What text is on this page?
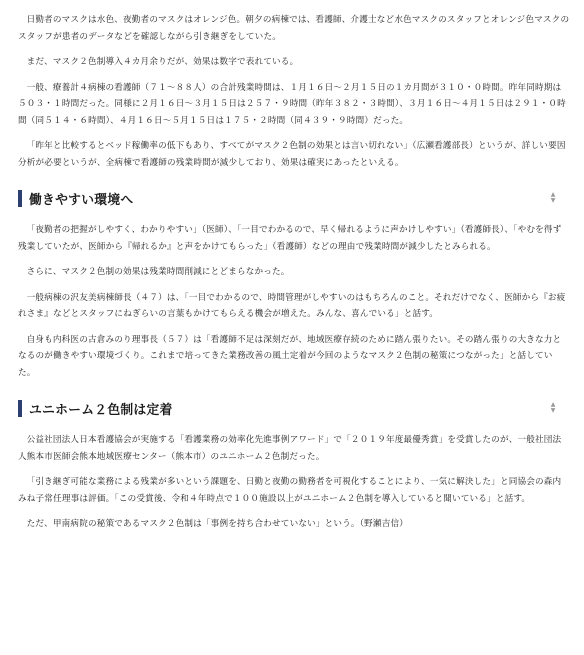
日勤者のマスクは水色、夜勤者のマスクはオレンジ色。朝夕の病棟では、看護師、介護士など水色マスクのスタッフとオレンジ色マスクのスタッフが患者のデータなどを確認しながら引き継ぎをしていた。

まだ、マスク２色制導入４カ月余りだが、効果は数字で表れている。

一般、療養計４病棟の看護師（７１〜８８人）の合計残業時間は、１月１６日〜２月１５日の１カ月間が３１０・０時間。昨年同時期は５０３・１時間だった。同様に２月１６日〜３月１５日は２５７・９時間（昨年３８２・３時間）、３月１６日〜４月１５日は２９１・０時間（同５１４・６時間）、４月１６日〜５月１５日は１７５・２時間（同４３９・９時間）だった。

「昨年と比較するとベッド稼働率の低下もあり、すべてがマスク２色制の効果とは言い切れない」（広瀬看護部長）というが、詳しい要因分析が必要というが、全病棟で看護師の残業時間が減少しており、効果は確実にあったといえる。

働きやすい環境へ	▲
▼

「夜勤者の把握がしやすく、わかりやすい」（医師）、「一目でわかるので、早く帰れるように声かけしやすい」（看護師長）、「やむを得ず残業していたが、医師から『帰れるか』と声をかけてもらった」（看護師）などの理由で残業時間が減少したとみられる。

さらに、マスク２色制の効果は残業時間削減にとどまらなかった。

一般病棟の沢友美病棟師長（４７）は、「一目でわかるので、時間管理がしやすいのはもちろんのこと。それだけでなく、医師から『お疲れさま』などとスタッフにねぎらいの言葉もかけてもらえる機会が増えた。みんな、喜んでいる」と話す。

自身も内科医の古倉みのり理事長（５７）は「看護師不足は深刻だが、地域医療存続のために踏ん張りたい。その踏ん張りの大きな力となるのが働きやすい環境づくり。これまで培ってきた業務改善の風土定着が今回のようなマスク２色制の秘策につながった」と話していた。

ユニホーム２色制は定着	▲
▼

公益社団法人日本看護協会が実施する「看護業務の効率化先進事例アワード」で「２０１９年度最優秀賞」を受賞したのが、一般社団法人熊本市医師会熊本地域医療センター（熊本市）のユニホーム２色制だった。

「引き継ぎ可能な業務による残業が多いという課題を、日勤と夜勤の勤務者を可視化することにより、一気に解決した」と同協会の森内みね子常任理事は評価。「この受賞後、令和４年時点で１００施設以上がユニホーム２色制を導入していると聞いている」と話す。

ただ、甲南病院の秘策であるマスク２色制は「事例を持ち合わせていない」という。（野瀬吉信）
